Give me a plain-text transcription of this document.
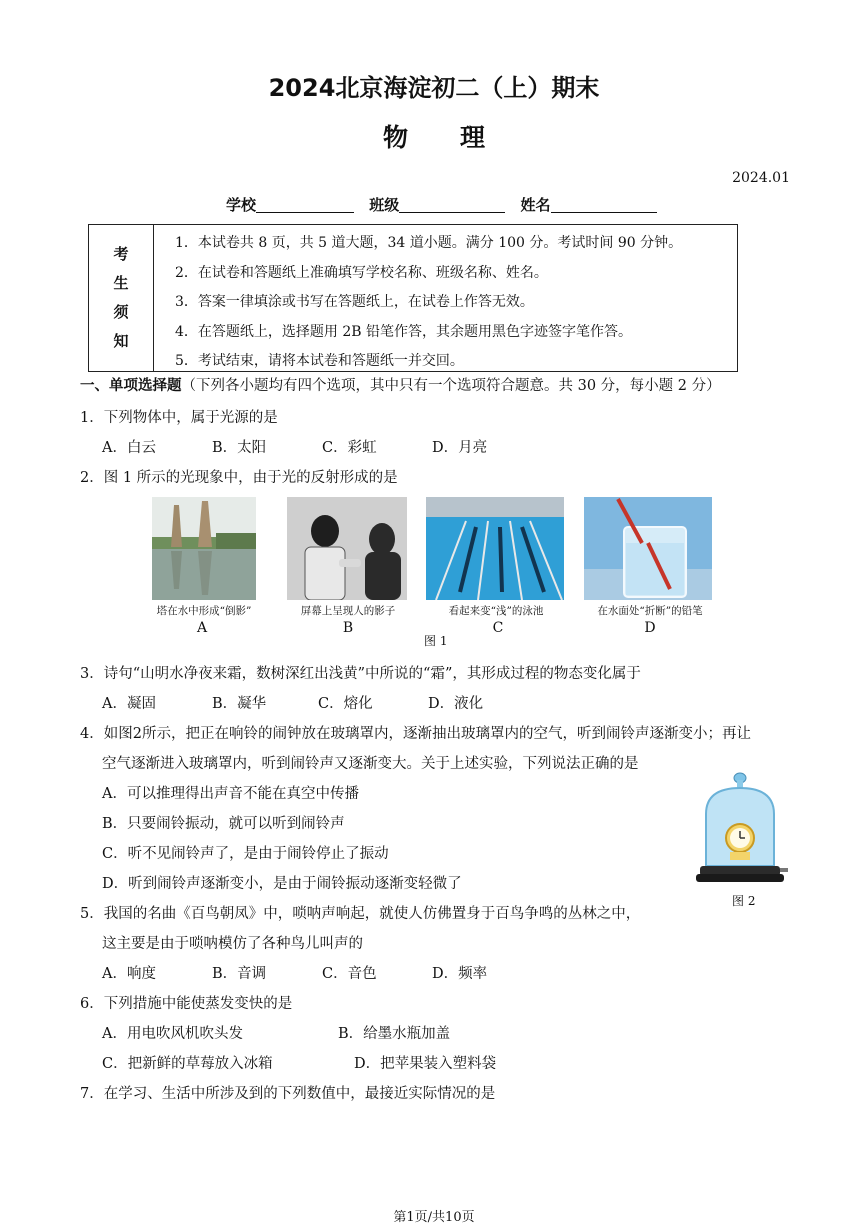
2024北京海淀初二（上）期末
物理
2024.01
学校	班级	姓名
考
生
须
知
1．本试卷共 8 页，共 5 道大题，34 道小题。满分 100 分。考试时间 90 分钟。
2．在试卷和答题纸上准确填写学校名称、班级名称、姓名。
3．答案一律填涂或书写在答题纸上，在试卷上作答无效。
4．在答题纸上，选择题用 2B 铅笔作答，其余题用黑色字迹签字笔作答。
5．考试结束，请将本试卷和答题纸一并交回。
一、单项选择题（下列各小题均有四个选项，其中只有一个选项符合题意。共 30 分，每小题 2 分）
1．下列物体中，属于光源的是
A．白云	B．太阳	C．彩虹	D．月亮
2．图 1 所示的光现象中，由于光的反射形成的是
塔在水中形成“倒影”
A
屏幕上呈现人的影子
B
看起来变“浅”的泳池
C
在水面处“折断”的铅笔
D
图 1
3．诗句“山明水净夜来霜，数树深红出浅黄”中所说的“霜”，其形成过程的物态变化属于
A．凝固	B．凝华	C．熔化	D．液化
4．如图2所示，把正在响铃的闹钟放在玻璃罩内，逐渐抽出玻璃罩内的空气，听到闹铃声逐渐变小；再让
空气逐渐进入玻璃罩内，听到闹铃声又逐渐变大。关于上述实验，下列说法正确的是
A．可以推理得出声音不能在真空中传播
B．只要闹铃振动，就可以听到闹铃声
C．听不见闹铃声了，是由于闹铃停止了振动
D．听到闹铃声逐渐变小，是由于闹铃振动逐渐变轻微了
图 2
5．我国的名曲《百鸟朝凤》中，唢呐声响起，就使人仿佛置身于百鸟争鸣的丛林之中，
这主要是由于唢呐模仿了各种鸟儿叫声的
A．响度	B．音调	C．音色	D．频率
6．下列措施中能使蒸发变快的是
A．用电吹风机吹头发	B．给墨水瓶加盖
C．把新鲜的草莓放入冰箱	D．把苹果装入塑料袋
7．在学习、生活中所涉及到的下列数值中，最接近实际情况的是
第1页/共10页
